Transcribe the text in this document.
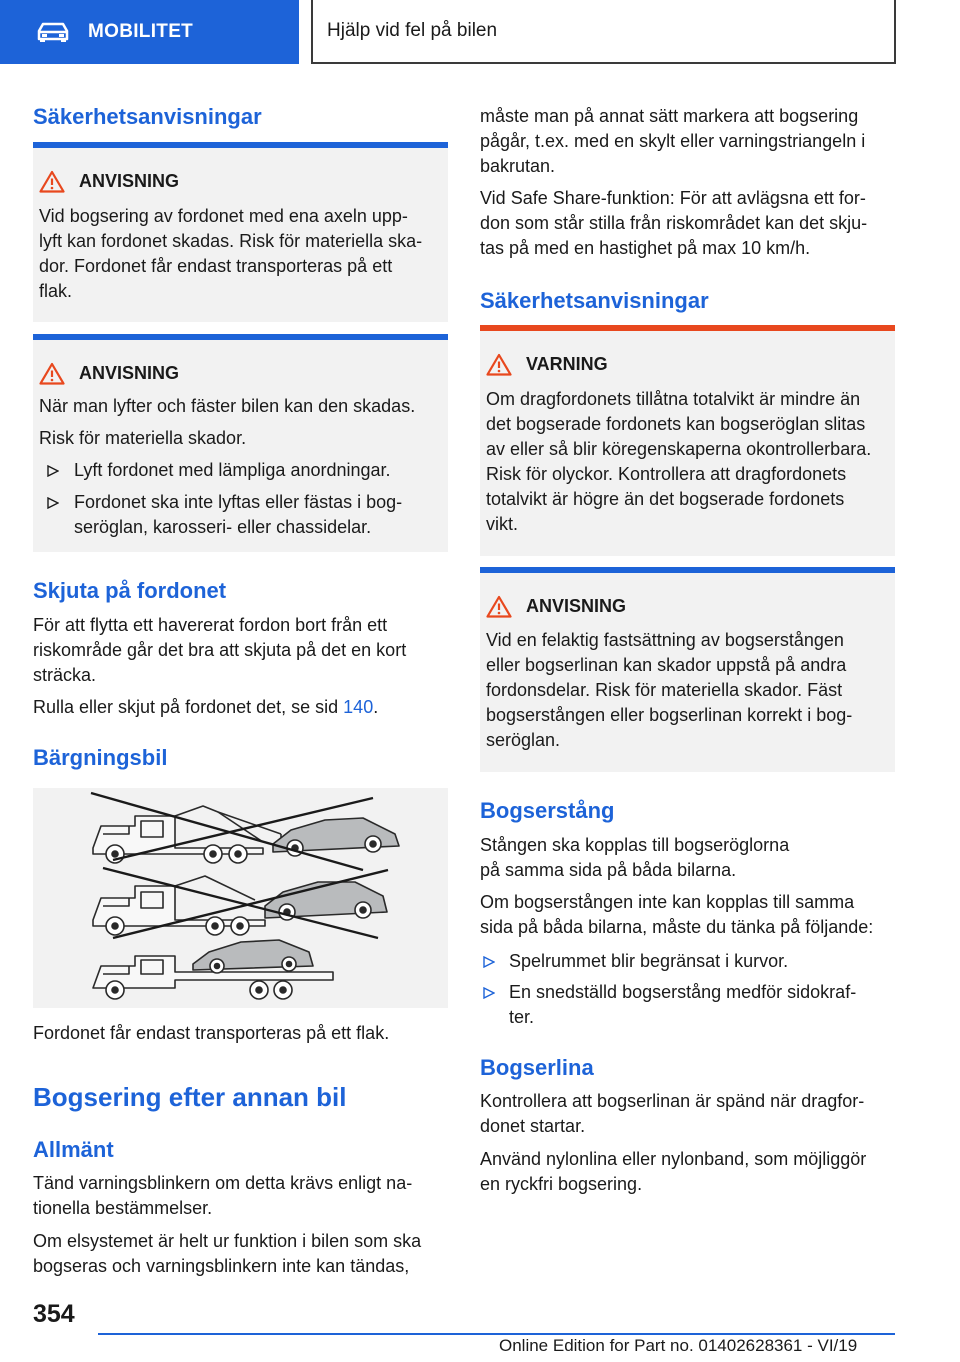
MOBILITET	Hjälp vid fel på bilen
Säkerhetsanvisningar
ANVISNING
Vid bogsering av fordonet med ena axeln upp-
lyft kan fordonet skadas. Risk för materiella ska-
dor. Fordonet får endast transporteras på ett
flak.
ANVISNING
När man lyfter och fäster bilen kan den skadas.
Risk för materiella skador.
Lyft fordonet med lämpliga anordningar.
Fordonet ska inte lyftas eller fästas i bog-
seröglan, karosseri- eller chassidelar.
Skjuta på fordonet
För att flytta ett havererat fordon bort från ett
riskområde går det bra att skjuta på det en kort
sträcka.
Rulla eller skjut på fordonet det, se sid 140.
Bärgningsbil
Fordonet får endast transporteras på ett flak.
Bogsering efter annan bil
Allmänt
Tänd varningsblinkern om detta krävs enligt na-
tionella bestämmelser.
Om elsystemet är helt ur funktion i bilen som ska
bogseras och varningsblinkern inte kan tändas,
måste man på annat sätt markera att bogsering
pågår, t.ex. med en skylt eller varningstriangeln i
bakrutan.
Vid Safe Share-funktion: För att avlägsna ett for-
don som står stilla från riskområdet kan det skju-
tas på med en hastighet på max 10 km/h.
Säkerhetsanvisningar
VARNING
Om dragfordonets tillåtna totalvikt är mindre än
det bogserade fordonets kan bogseröglan slitas
av eller så blir köregenskaperna okontrollerbara.
Risk för olyckor. Kontrollera att dragfordonets
totalvikt är högre än det bogserade fordonets
vikt.
ANVISNING
Vid en felaktig fastsättning av bogserstången
eller bogserlinan kan skador uppstå på andra
fordonsdelar. Risk för materiella skador. Fäst
bogserstången eller bogserlinan korrekt i bog-
seröglan.
Bogserstång
Stången ska kopplas till bogseröglorna
på samma sida på båda bilarna.
Om bogserstången inte kan kopplas till samma
sida på båda bilarna, måste du tänka på följande:
Spelrummet blir begränsat i kurvor.
En snedställd bogserstång medför sidokraf-
ter.
Bogserlina
Kontrollera att bogserlinan är spänd när dragfor-
donet startar.
Använd nylonlina eller nylonband, som möjliggör
en ryckfri bogsering.
354
Online Edition for Part no. 01402628361 - VI/19
